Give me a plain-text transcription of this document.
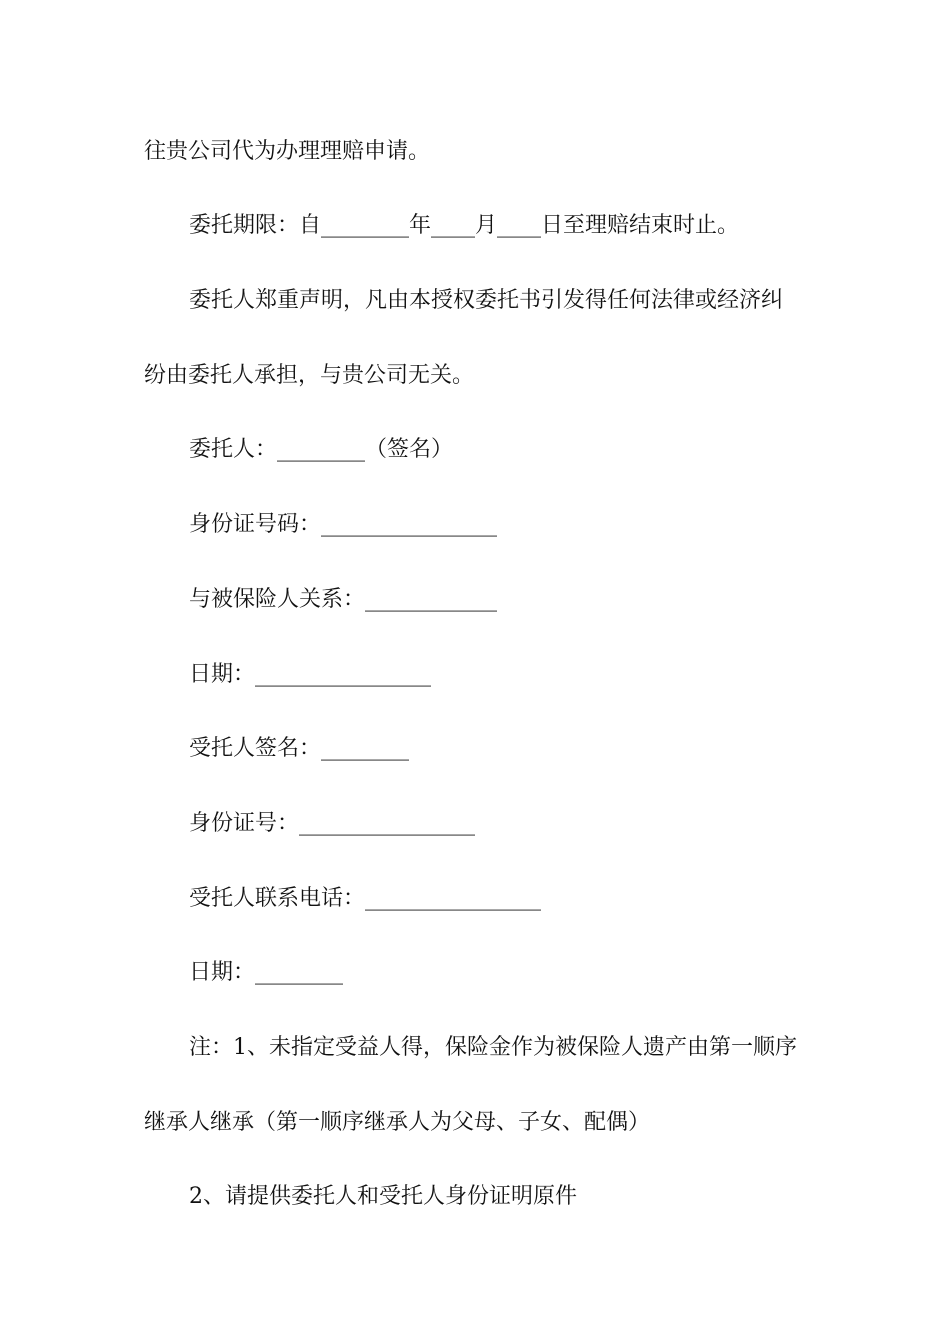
往贵公司代为办理理赔申请。
委托期限：自________年____月____日至理赔结束时止。
委托人郑重声明，凡由本授权委托书引发得任何法律或经济纠
纷由委托人承担，与贵公司无关。
委托人：________（签名）
身份证号码：________________
与被保险人关系：____________
日期：________________
受托人签名：________
身份证号：________________
受托人联系电话：________________
日期：________
注：1、未指定受益人得，保险金作为被保险人遗产由第一顺序
继承人继承（第一顺序继承人为父母、子女、配偶）
2、请提供委托人和受托人身份证明原件
